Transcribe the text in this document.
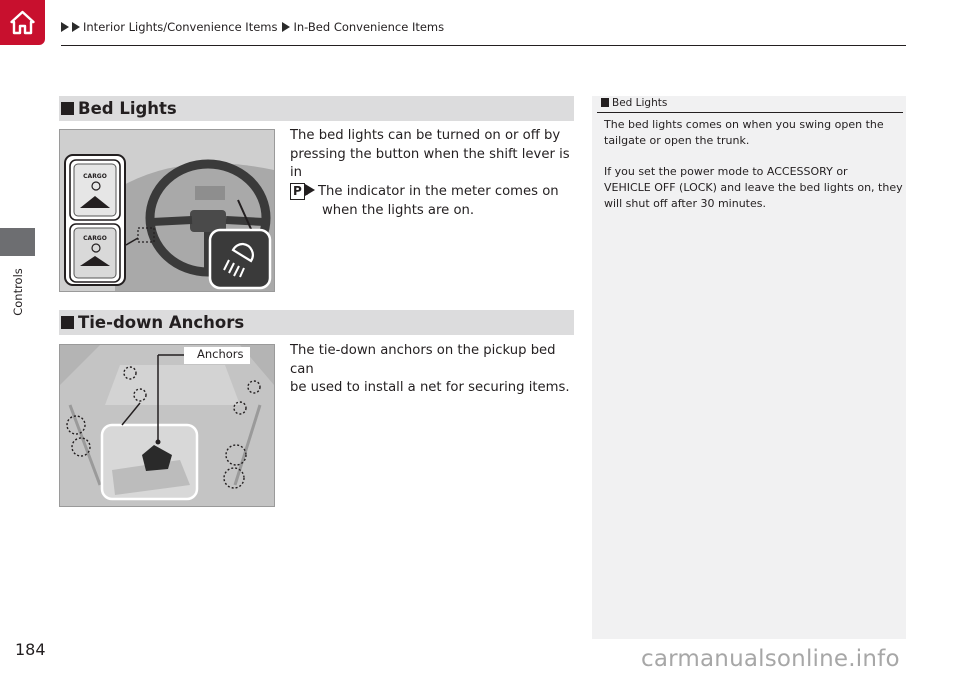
Interior Lights/Convenience Items In-Bed Convenience Items
Controls
Bed Lights
CARGO
CARGO
The bed lights can be turned on or off by
pressing the button when the shift lever is in
P . The indicator in the meter comes on
when the lights are on.
Tie-down Anchors
Anchors	The tie-down anchors on the pickup bed can
be used to install a net for securing items.
Bed Lights
The bed lights comes on when you swing open the
tailgate or open the trunk.
If you set the power mode to ACCESSORY or
VEHICLE OFF (LOCK) and leave the bed lights on, they
will shut off after 30 minutes.
184	carmanualsonline.info
